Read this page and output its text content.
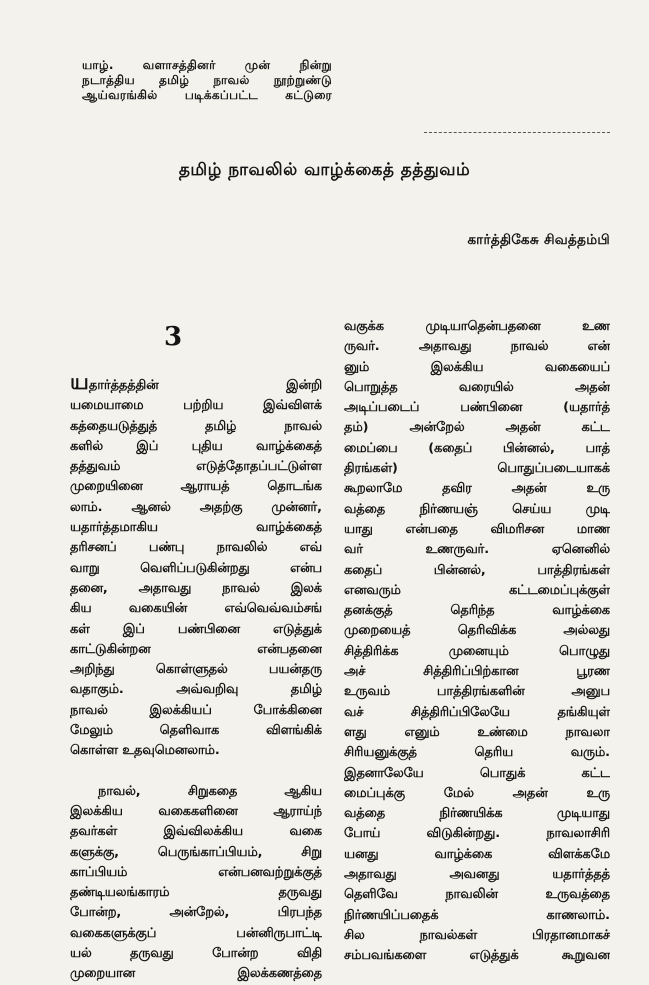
யாழ். வளாசத்தினர் முன் நின்று
நடாத்திய தமிழ் நாவல் நூற்றுண்டு
ஆய்வரங்கில் படிக்கப்பட்ட கட்டுரை
தமிழ் நாவலில் வாழ்க்கைத் தத்துவம்
கார்த்திகேசு சிவத்தம்பி
3
யதார்த்தத்தின் இன்றி
யமையாமை பற்றிய இவ்விளக்
கத்தையடுத்துத் தமிழ் நாவல்
களில் இப் புதிய வாழ்க்கைத்
தத்துவம் எடுத்தோதப்பட்டுள்ள
முறையினை ஆராயத் தொடங்க
லாம். ஆனல் அதற்கு முன்னர்,
யதார்த்தமாகிய வாழ்க்கைத்
தரிசனப் பண்பு நாவலில் எவ்
வாறு வெளிப்படுகின்றது என்ப
தனை, அதாவது நாவல் இலக்
கிய வகையின் எவ்வெவ்வம்சங்
கள் இப் பண்பினை எடுத்துக்
காட்டுகின்றன என்பதனை
அறிந்து கொள்ளுதல் பயன்தரு
வதாகும். அவ்வறிவு தமிழ்
நாவல் இலக்கியப் போக்கினை
மேலும் தெளிவாக விளங்கிக்
கொள்ள உதவுமெனலாம்.
நாவல், சிறுகதை ஆகிய
இலக்கிய வகைகளினை ஆராய்ந்
தவர்கள் இவ்விலக்கிய வகை
களுக்கு, பெருங்காப்பியம், சிறு
காப்பியம் என்பனவற்றுக்குத்
தண்டியலங்காரம் தருவது
போன்ற, அன்றேல், பிரபந்த
வகைகளுக்குப் பன்னிருபாட்டி
யல் தருவது போன்ற விதி
முறையான இலக்கணத்தை
வகுக்க முடியாதென்பதனை உண
ருவர். அதாவது நாவல் என்
னும் இலக்கிய வகையைப்
பொறுத்த வரையில் அதன்
அடிப்படைப் பண்பினை (யதார்த்
தம்) அன்றேல் அதன் கட்ட
மைப்பை (கதைப் பின்னல், பாத்
திரங்கள்) பொதுப்படையாகக்
கூறலாமே தவிர அதன் உரு
வத்தை நிர்ணயஞ் செய்ய முடி
யாது என்பதை விமரிசன மாண
வர் உணருவர். ஏனெனில்
கதைப் பின்னல், பாத்திரங்கள்
எனவரும் கட்டமைப்புக்குள்
தனக்குத் தெரிந்த வாழ்க்கை
முறையைத் தெரிவிக்க அல்லது
சித்திரிக்க முனையும் பொழுது
அச் சித்திரிப்பிற்கான பூரண
உருவம் பாத்திரங்களின் அனுப
வச் சித்திரிப்பிலேயே தங்கியுள்
ளது எனும் உண்மை நாவலா
சிரியனுக்குத் தெரிய வரும்.
இதனாலேயே பொதுக் கட்ட
மைப்புக்கு மேல் அதன் உரு
வத்தை நிர்ணயிக்க முடியாது
போய் விடுகின்றது. நாவலாசிரி
யனது வாழ்க்கை விளக்கமே
அதாவது அவனது யதார்த்தத்
தெளிவே நாவலின் உருவத்தை
நிர்ணயிப்பதைக் காணலாம்.
சில நாவல்கள் பிரதானமாகச்
சம்பவங்களை எடுத்துக் கூறுவன
